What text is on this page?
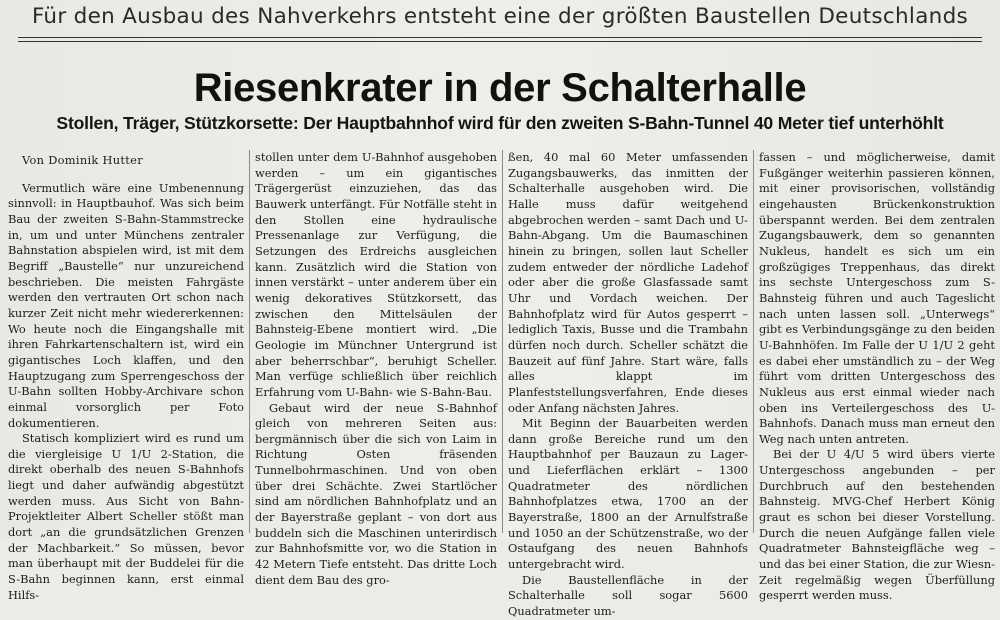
Für den Ausbau des Nahverkehrs entsteht eine der größten Baustellen Deutschlands
Riesenkrater in der Schalterhalle
Stollen, Träger, Stützkorsette: Der Hauptbahnhof wird für den zweiten S-Bahn-Tunnel 40 Meter tief unterhöhlt

Von Dominik Hutter

Vermutlich wäre eine Umbenennung sinnvoll: in Hauptbauhof. Was sich beim Bau der zweiten S-Bahn-Stammstrecke in, um und unter Münchens zentraler Bahnstation abspielen wird, ist mit dem Begriff „Baustelle“ nur unzureichend beschrieben. Die meisten Fahrgäste werden den vertrauten Ort schon nach kurzer Zeit nicht mehr wiedererkennen: Wo heute noch die Eingangshalle mit ihren Fahrkartenschaltern ist, wird ein gigantisches Loch klaffen, und den Hauptzugang zum Sperrengeschoss der U-Bahn sollten Hobby-Archivare schon einmal vorsorglich per Foto dokumentieren.

Statisch kompliziert wird es rund um die viergleisige U 1/U 2-Station, die direkt oberhalb des neuen S-Bahnhofs liegt und daher aufwändig abgestützt werden muss. Aus Sicht von Bahn-Projektleiter Albert Scheller stößt man dort „an die grundsätzlichen Grenzen der Machbarkeit.“ So müssen, bevor man überhaupt mit der Buddelei für die S-Bahn beginnen kann, erst einmal Hilfs-

stollen unter dem U-Bahnhof ausgehoben werden – um ein gigantisches Trägergerüst einzuziehen, das das Bauwerk unterfängt. Für Notfälle steht in den Stollen eine hydraulische Pressenanlage zur Verfügung, die Setzungen des Erdreichs ausgleichen kann. Zusätzlich wird die Station von innen verstärkt – unter anderem über ein wenig dekoratives Stützkorsett, das zwischen den Mittelsäulen der Bahnsteig-Ebene montiert wird. „Die Geologie im Münchner Untergrund ist aber beherrschbar“, beruhigt Scheller. Man verfüge schließlich über reichlich Erfahrung vom U-Bahn- wie S-Bahn-Bau.

Gebaut wird der neue S-Bahnhof gleich von mehreren Seiten aus: bergmännisch über die sich von Laim in Richtung Osten fräsenden Tunnelbohrmaschinen. Und von oben über drei Schächte. Zwei Startlöcher sind am nördlichen Bahnhofplatz und an der Bayerstraße geplant – von dort aus buddeln sich die Maschinen unterirdisch zur Bahnhofsmitte vor, wo die Station in 42 Metern Tiefe entsteht. Das dritte Loch dient dem Bau des gro-

ßen, 40 mal 60 Meter umfassenden Zugangsbauwerks, das inmitten der Schalterhalle ausgehoben wird. Die Halle muss dafür weitgehend abgebrochen werden – samt Dach und U-Bahn-Abgang. Um die Baumaschinen hinein zu bringen, sollen laut Scheller zudem entweder der nördliche Ladehof oder aber die große Glasfassade samt Uhr und Vordach weichen. Der Bahnhofplatz wird für Autos gesperrt – lediglich Taxis, Busse und die Trambahn dürfen noch durch. Scheller schätzt die Bauzeit auf fünf Jahre. Start wäre, falls alles klappt im Planfeststellungsverfahren, Ende dieses oder Anfang nächsten Jahres.

Mit Beginn der Bauarbeiten werden dann große Bereiche rund um den Hauptbahnhof per Bauzaun zu Lager- und Lieferflächen erklärt – 1300 Quadratmeter des nördlichen Bahnhofplatzes etwa, 1700 an der Bayerstraße, 1800 an der Arnulfstraße und 1050 an der Schützenstraße, wo der Ostaufgang des neuen Bahnhofs untergebracht wird.

Die Baustellenfläche in der Schalterhalle soll sogar 5600 Quadratmeter um-

fassen – und möglicherweise, damit Fußgänger weiterhin passieren können, mit einer provisorischen, vollständig eingehausten Brückenkonstruktion überspannt werden. Bei dem zentralen Zugangsbauwerk, dem so genannten Nukleus, handelt es sich um ein großzügiges Treppenhaus, das direkt ins sechste Untergeschoss zum S-Bahnsteig führen und auch Tageslicht nach unten lassen soll. „Unterwegs“ gibt es Verbindungsgänge zu den beiden U-Bahnhöfen. Im Falle der U 1/U 2 geht es dabei eher umständlich zu – der Weg führt vom dritten Untergeschoss des Nukleus aus erst einmal wieder nach oben ins Verteilergeschoss des U-Bahnhofs. Danach muss man erneut den Weg nach unten antreten.

Bei der U 4/U 5 wird übers vierte Untergeschoss angebunden – per Durchbruch auf den bestehenden Bahnsteig. MVG-Chef Herbert König graut es schon bei dieser Vorstellung. Durch die neuen Aufgänge fallen viele Quadratmeter Bahnsteigfläche weg – und das bei einer Station, die zur Wiesn-Zeit regelmäßig wegen Überfüllung gesperrt werden muss.
